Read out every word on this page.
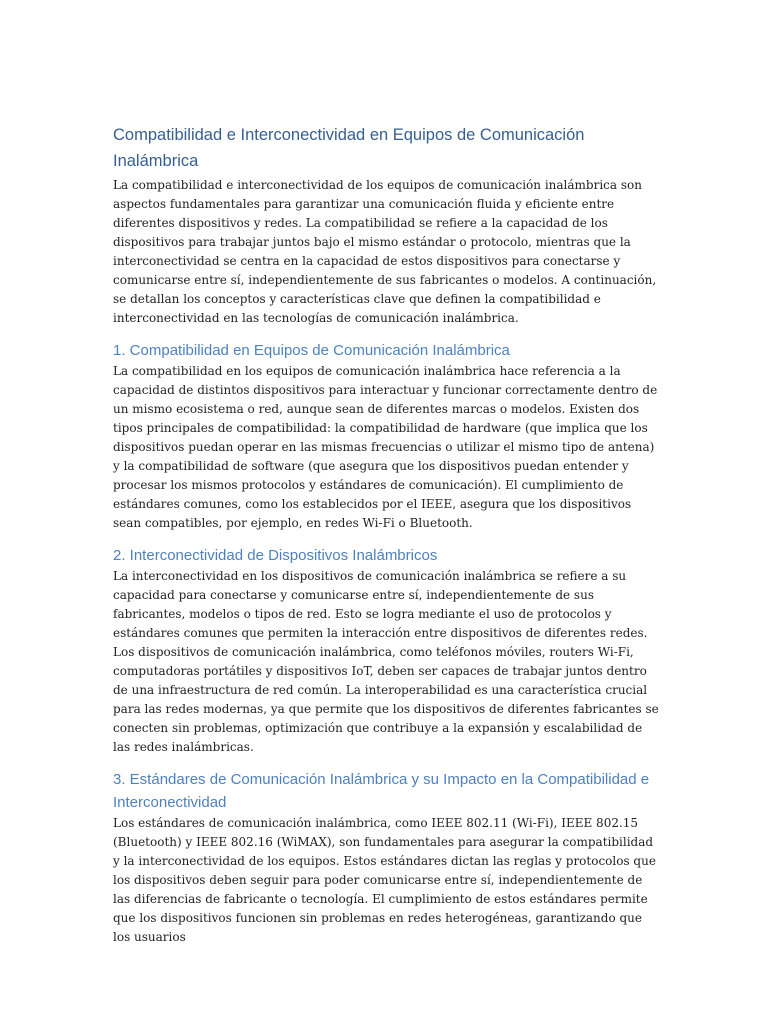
Compatibilidad e Interconectividad en Equipos de Comunicación Inalámbrica

La compatibilidad e interconectividad de los equipos de comunicación inalámbrica son aspectos fundamentales para garantizar una comunicación fluida y eficiente entre diferentes dispositivos y redes. La compatibilidad se refiere a la capacidad de los dispositivos para trabajar juntos bajo el mismo estándar o protocolo, mientras que la interconectividad se centra en la capacidad de estos dispositivos para conectarse y comunicarse entre sí, independientemente de sus fabricantes o modelos. A continuación, se detallan los conceptos y características clave que definen la compatibilidad e interconectividad en las tecnologías de comunicación inalámbrica.

1. Compatibilidad en Equipos de Comunicación Inalámbrica

La compatibilidad en los equipos de comunicación inalámbrica hace referencia a la capacidad de distintos dispositivos para interactuar y funcionar correctamente dentro de un mismo ecosistema o red, aunque sean de diferentes marcas o modelos. Existen dos tipos principales de compatibilidad: la compatibilidad de hardware (que implica que los dispositivos puedan operar en las mismas frecuencias o utilizar el mismo tipo de antena) y la compatibilidad de software (que asegura que los dispositivos puedan entender y procesar los mismos protocolos y estándares de comunicación). El cumplimiento de estándares comunes, como los establecidos por el IEEE, asegura que los dispositivos sean compatibles, por ejemplo, en redes Wi-Fi o Bluetooth.

2. Interconectividad de Dispositivos Inalámbricos

La interconectividad en los dispositivos de comunicación inalámbrica se refiere a su capacidad para conectarse y comunicarse entre sí, independientemente de sus fabricantes, modelos o tipos de red. Esto se logra mediante el uso de protocolos y estándares comunes que permiten la interacción entre dispositivos de diferentes redes. Los dispositivos de comunicación inalámbrica, como teléfonos móviles, routers Wi-Fi, computadoras portátiles y dispositivos IoT, deben ser capaces de trabajar juntos dentro de una infraestructura de red común. La interoperabilidad es una característica crucial para las redes modernas, ya que permite que los dispositivos de diferentes fabricantes se conecten sin problemas, optimización que contribuye a la expansión y escalabilidad de las redes inalámbricas.

3. Estándares de Comunicación Inalámbrica y su Impacto en la Compatibilidad e Interconectividad

Los estándares de comunicación inalámbrica, como IEEE 802.11 (Wi-Fi), IEEE 802.15 (Bluetooth) y IEEE 802.16 (WiMAX), son fundamentales para asegurar la compatibilidad y la interconectividad de los equipos. Estos estándares dictan las reglas y protocolos que los dispositivos deben seguir para poder comunicarse entre sí, independientemente de las diferencias de fabricante o tecnología. El cumplimiento de estos estándares permite que los dispositivos funcionen sin problemas en redes heterogéneas, garantizando que los usuarios
